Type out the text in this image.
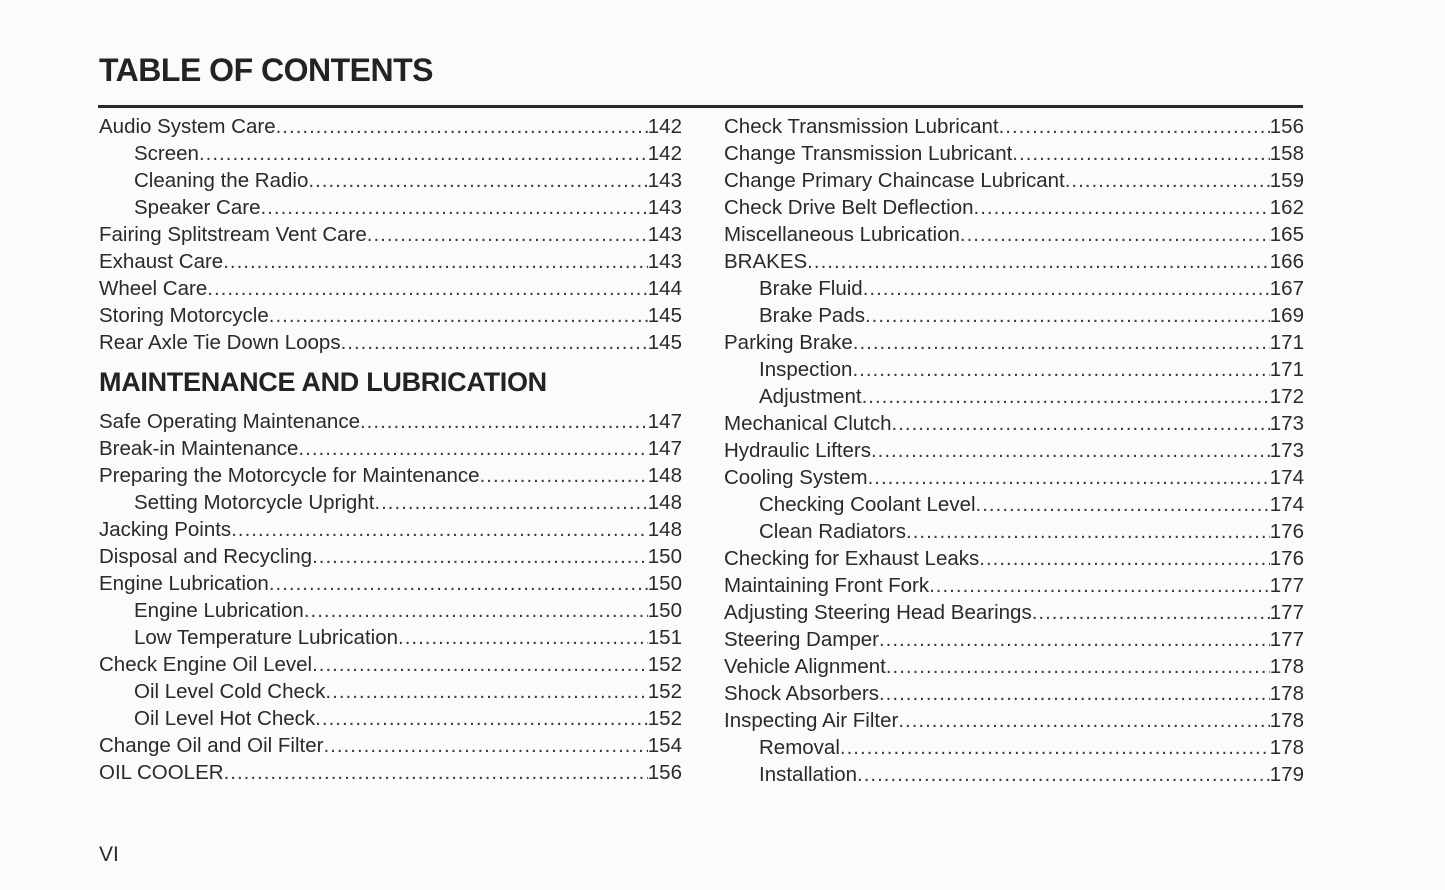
TABLE OF CONTENTS
Audio System Care .....	142
Screen .....	142
Cleaning the Radio .....	143
Speaker Care .....	143
Fairing Splitstream Vent Care .....	143
Exhaust Care .....	143
Wheel Care .....	144
Storing Motorcycle .....	145
Rear Axle Tie Down Loops .....	145
MAINTENANCE AND LUBRICATION
Safe Operating Maintenance .....	147
Break-in Maintenance .....	147
Preparing the Motorcycle for Maintenance .....	148
Setting Motorcycle Upright .....	148
Jacking Points .....	148
Disposal and Recycling .....	150
Engine Lubrication .....	150
Engine Lubrication .....	150
Low Temperature Lubrication .....	151
Check Engine Oil Level .....	152
Oil Level Cold Check .....	152
Oil Level Hot Check .....	152
Change Oil and Oil Filter .....	154
OIL COOLER .....	156
Check Transmission Lubricant .....	156
Change Transmission Lubricant .....	158
Change Primary Chaincase Lubricant .....	159
Check Drive Belt Deflection .....	162
Miscellaneous Lubrication .....	165
BRAKES .....	166
Brake Fluid .....	167
Brake Pads .....	169
Parking Brake .....	171
Inspection .....	171
Adjustment .....	172
Mechanical Clutch .....	173
Hydraulic Lifters .....	173
Cooling System .....	174
Checking Coolant Level .....	174
Clean Radiators .....	176
Checking for Exhaust Leaks .....	176
Maintaining Front Fork .....	177
Adjusting Steering Head Bearings .....	177
Steering Damper .....	177
Vehicle Alignment .....	178
Shock Absorbers .....	178
Inspecting Air Filter .....	178
Removal .....	178
Installation .....	179
VI
